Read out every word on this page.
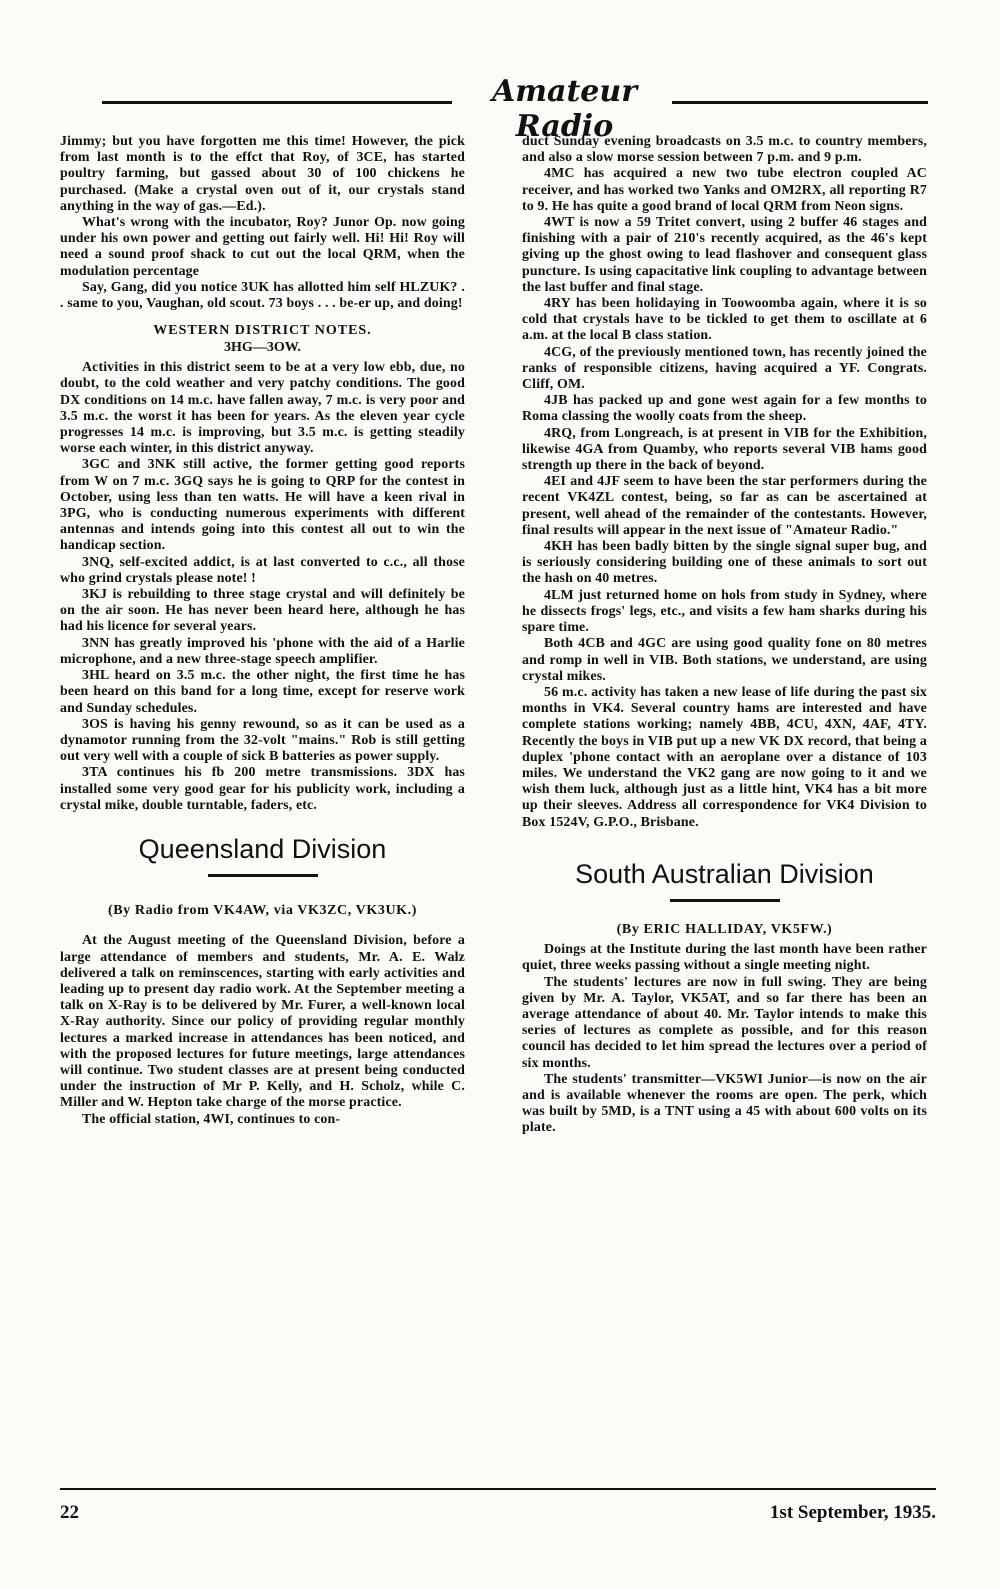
Amateur Radio

Jimmy; but you have forgotten me this time! However, the pick from last month is to the effct that Roy, of 3CE, has started poultry farming, but gassed about 30 of 100 chickens he purchased. (Make a crystal oven out of it, our crystals stand anything in the way of gas.—Ed.).

What's wrong with the incubator, Roy? Junor Op. now going under his own power and getting out fairly well. Hi! Hi! Roy will need a sound proof shack to cut out the local QRM, when the modulation percentage

Say, Gang, did you notice 3UK has allotted him self HLZUK? . . same to you, Vaughan, old scout. 73 boys . . . be-er up, and doing!

WESTERN DISTRICT NOTES.
3HG—3OW.

Activities in this district seem to be at a very low ebb, due, no doubt, to the cold weather and very patchy conditions. The good DX conditions on 14 m.c. have fallen away, 7 m.c. is very poor and 3.5 m.c. the worst it has been for years. As the eleven year cycle progresses 14 m.c. is improving, but 3.5 m.c. is getting steadily worse each winter, in this district anyway.

3GC and 3NK still active, the former getting good reports from W on 7 m.c. 3GQ says he is going to QRP for the contest in October, using less than ten watts. He will have a keen rival in 3PG, who is conducting numerous experiments with different antennas and intends going into this contest all out to win the handicap section.

3NQ, self-excited addict, is at last converted to c.c., all those who grind crystals please note! !

3KJ is rebuilding to three stage crystal and will definitely be on the air soon. He has never been heard here, although he has had his licence for several years.

3NN has greatly improved his 'phone with the aid of a Harlie microphone, and a new three-stage speech amplifier.

3HL heard on 3.5 m.c. the other night, the first time he has been heard on this band for a long time, except for reserve work and Sunday schedules.

3OS is having his genny rewound, so as it can be used as a dynamotor running from the 32-volt "mains." Rob is still getting out very well with a couple of sick B batteries as power supply.

3TA continues his fb 200 metre transmissions. 3DX has installed some very good gear for his publicity work, including a crystal mike, double turntable, faders, etc.

Queensland Division
(By Radio from VK4AW, via VK3ZC, VK3UK.)

At the August meeting of the Queensland Division, before a large attendance of members and students, Mr. A. E. Walz delivered a talk on reminscences, starting with early activities and leading up to present day radio work. At the September meeting a talk on X-Ray is to be delivered by Mr. Furer, a well-known local X-Ray authority. Since our policy of providing regular monthly lectures a marked increase in attendances has been noticed, and with the proposed lectures for future meetings, large attendances will continue. Two student classes are at present being conducted under the instruction of Mr P. Kelly, and H. Scholz, while C. Miller and W. Hepton take charge of the morse practice.

The official station, 4WI, continues to con-

duct Sunday evening broadcasts on 3.5 m.c. to country members, and also a slow morse session between 7 p.m. and 9 p.m.

4MC has acquired a new two tube electron coupled AC receiver, and has worked two Yanks and OM2RX, all reporting R7 to 9. He has quite a good brand of local QRM from Neon signs.

4WT is now a 59 Tritet convert, using 2 buffer 46 stages and finishing with a pair of 210's recently acquired, as the 46's kept giving up the ghost owing to lead flashover and consequent glass puncture. Is using capacitative link coupling to advantage between the last buffer and final stage.

4RY has been holidaying in Toowoomba again, where it is so cold that crystals have to be tickled to get them to oscillate at 6 a.m. at the local B class station.

4CG, of the previously mentioned town, has recently joined the ranks of responsible citizens, having acquired a YF. Congrats. Cliff, OM.

4JB has packed up and gone west again for a few months to Roma classing the woolly coats from the sheep.

4RQ, from Longreach, is at present in VIB for the Exhibition, likewise 4GA from Quamby, who reports several VIB hams good strength up there in the back of beyond.

4EI and 4JF seem to have been the star performers during the recent VK4ZL contest, being, so far as can be ascertained at present, well ahead of the remainder of the contestants. However, final results will appear in the next issue of "Amateur Radio."

4KH has been badly bitten by the single signal super bug, and is seriously considering building one of these animals to sort out the hash on 40 metres.

4LM just returned home on hols from study in Sydney, where he dissects frogs' legs, etc., and visits a few ham sharks during his spare time.

Both 4CB and 4GC are using good quality fone on 80 metres and romp in well in VIB. Both stations, we understand, are using crystal mikes.

56 m.c. activity has taken a new lease of life during the past six months in VK4. Several country hams are interested and have complete stations working; namely 4BB, 4CU, 4XN, 4AF, 4TY. Recently the boys in VIB put up a new VK DX record, that being a duplex 'phone contact with an aeroplane over a distance of 103 miles. We understand the VK2 gang are now going to it and we wish them luck, although just as a little hint, VK4 has a bit more up their sleeves. Address all correspondence for VK4 Division to Box 1524V, G.P.O., Brisbane.

South Australian Division
(By ERIC HALLIDAY, VK5FW.)

Doings at the Institute during the last month have been rather quiet, three weeks passing without a single meeting night.

The students' lectures are now in full swing. They are being given by Mr. A. Taylor, VK5AT, and so far there has been an average attendance of about 40. Mr. Taylor intends to make this series of lectures as complete as possible, and for this reason council has decided to let him spread the lectures over a period of six months.

The students' transmitter—VK5WI Junior—is now on the air and is available whenever the rooms are open. The perk, which was built by 5MD, is a TNT using a 45 with about 600 volts on its plate.

22	1st September, 1935.
